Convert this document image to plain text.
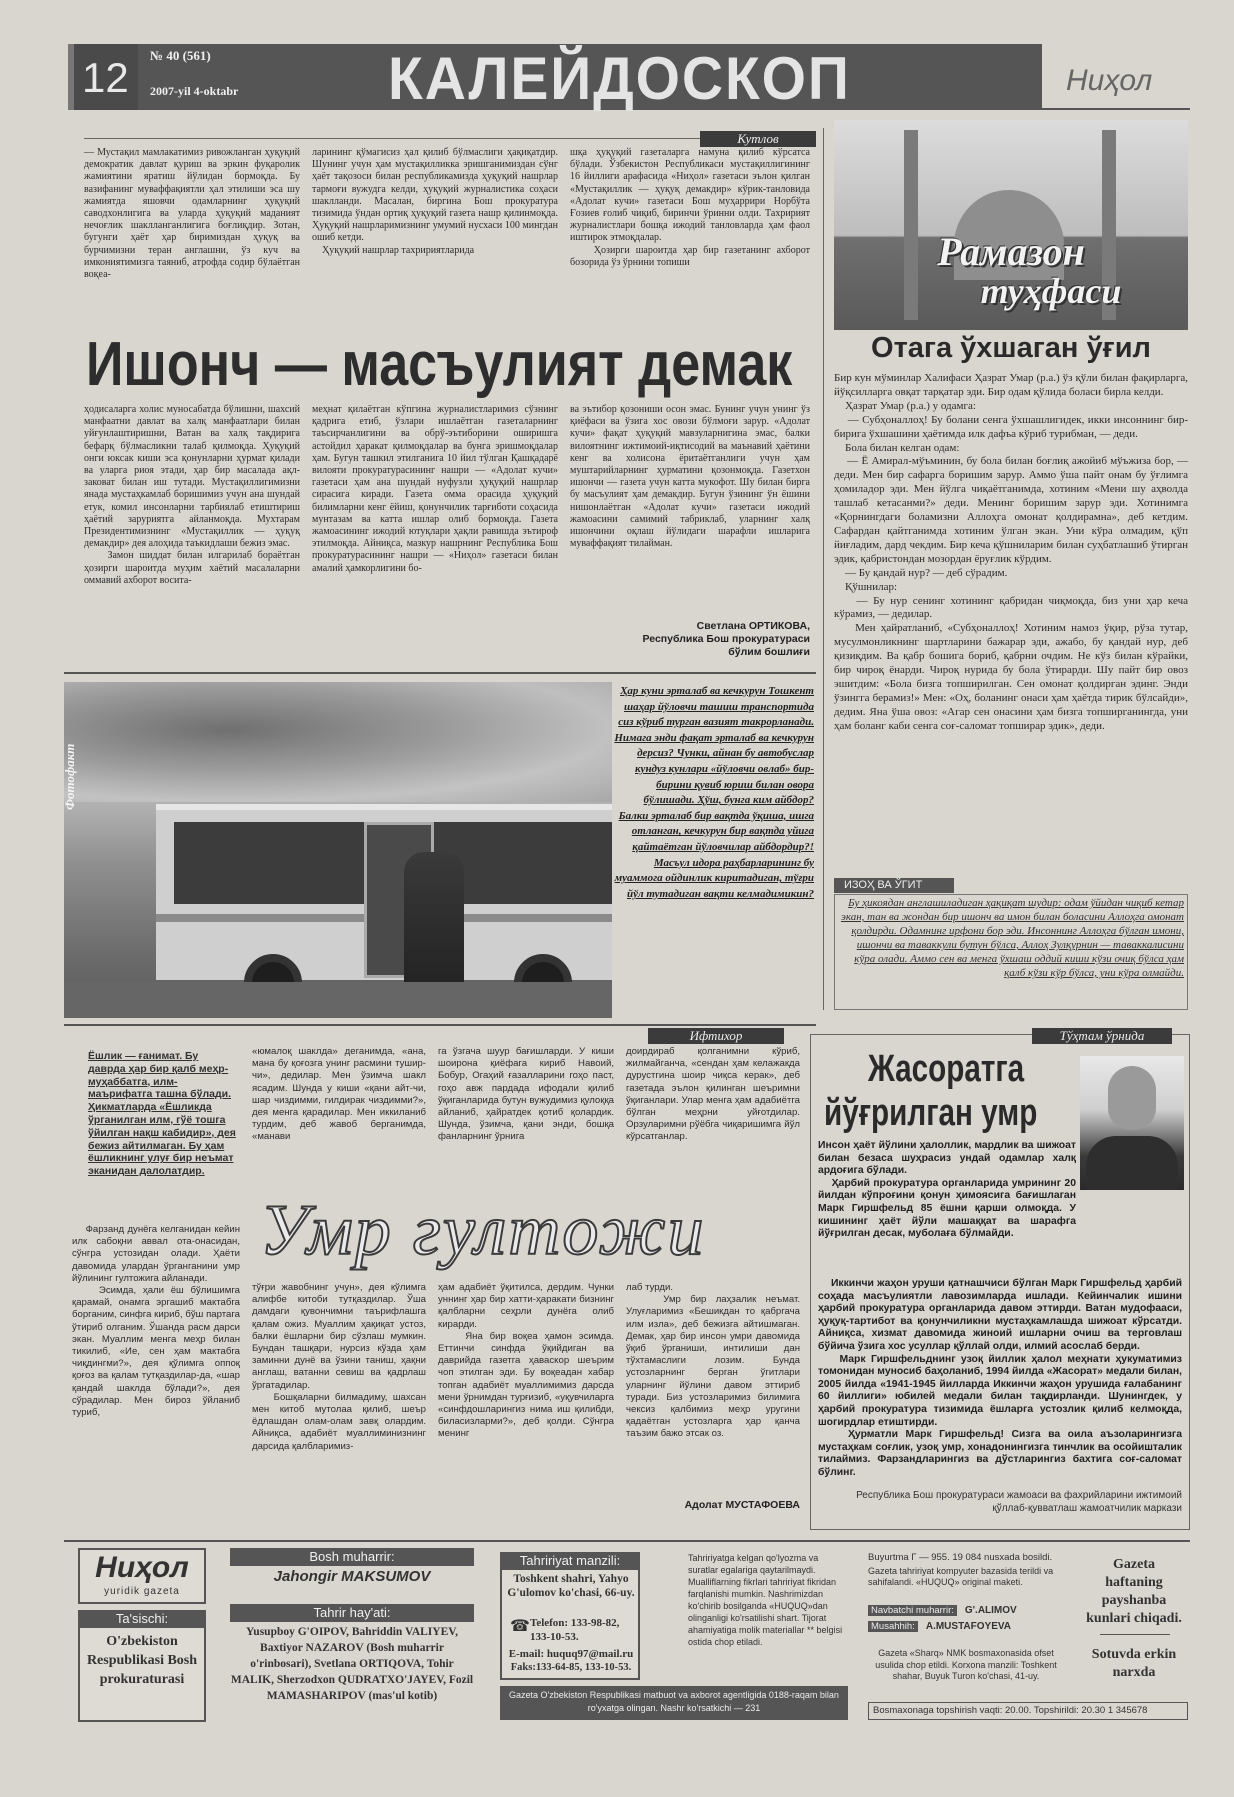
12 № 40 (561)
2007-yil 4-oktabr КАЛЕЙДОСКОП	Ниҳол
Кутлов
— Мустақил мамлакатимиз ривожланган ҳуқуқий демократик давлат қуриш ва эркин фуқаролик жамиятини яратиш йўлидан бормоқда. Бу вазифанинг муваффақиятли ҳал этилиши эса шу жамиятда яшовчи одамларнинг ҳуқуқий саводхонлигига ва уларда ҳуқуқий маданият нечоғлик шаклланганлигига боғлиқдир. Зотан, бугунги ҳаёт ҳар биримиздан ҳуқуқ ва бурчимизни теран англашни, ўз куч ва имкониятимизга таяниб, атрофда содир бўлаётган воқеа-
ларининг қўмагисиз ҳал қилиб бўлмаслиги ҳақиқатдир. Шунинг учун ҳам мустақилликка эришганимиздан сўнг ҳаёт тақозоси билан республикамизда ҳуқуқий нашрлар тармоғи вужудга келди, ҳуқуқий журналистика соҳаси шаклланди. Масалан, биргина Бош прокуратура тизимида ўндан ортиқ ҳуқуқий газета нашр қилинмоқда. Ҳуқуқий нашрларимизнинг умумий нусхаси 100 мингдан ошиб кетди.
Ҳуқуқий нашрлар тахририятларида
шқа ҳуқуқий газеталарга намуна қилиб кўрсатса бўлади. Ўзбекистон Республикаси мустақиллигининг 16 йиллиги арафасида «Ниҳол» газетаси эълон қилган «Мустақиллик — ҳуқуқ демакдир» кўрик-танловида «Адолат кучи» газетаси Бош муҳаррири Норбўта Ғозиев ғолиб чиқиб, биринчи ўринни олди. Тахририят журналистлари бошқа ижодий танловларда ҳам фаол иштирок этмоқдалар.
Ҳозирги шароитда ҳар бир газетанинг ахборот бозорида ўз ўрнини топиши
Ишонч — масъулият демак
ҳодисаларга холис муносабатда бўлишни, шахсий манфаатни давлат ва халқ манфаатлари билан уйғунлаштиришни, Ватан ва халқ тақдирига бефарқ бўлмасликни талаб қилмоқда. Ҳуқуқий онги юксак киши эса қонунларни ҳурмат қилади ва уларга риоя этади, ҳар бир масалада ақл-заковат билан иш тутади. Мустақиллигимизни янада мустаҳкамлаб боришимиз учун ана шундай етук, комил инсонларни тарбиялаб етиштириш ҳаётий заруриятга айланмоқда. Мухтарам Президентимизнинг «Мустақиллик — ҳуқуқ демакдир» дея алоҳида таъкидлаши бежиз эмас.
Замон шиддат билан илгарилаб бораётган ҳозирги шароитда муҳим хаётий масалаларни оммавий ахборот восита-
меҳнат қилаётган кўпгина журналистларимиз сўзнинг қадрига етиб, ўзлари ишлаётган газеталарнинг таъсирчанлигини ва обрў-эътиборини оширишга астойдил ҳаракат қилмоқдалар ва бунга эришмоқдалар ҳам. Бугун ташкил этилганига 10 йил тўлган Қашқадарё вилояти прокуратурасининг нашри — «Адолат кучи» газетаси ҳам ана шундай нуфузли ҳуқуқий нашрлар сирасига киради. Газета омма орасида ҳуқуқий билимларни кенг ёйиш, қонунчилик тарғиботи соҳасида мунтазам ва катта ишлар олиб бормоқда. Газета жамоасининг ижодий ютуқлари ҳақли равишда эътироф этилмоқда. Айниқса, мазкур нашрнинг Республика Бош прокуратурасининг нашри — «Ниҳол» газетаси билан амалий ҳамкорлигини бо-
ва эътибор қозониши осон эмас. Бунинг учун унинг ўз қиёфаси ва ўзига хос овози бўлмоғи зарур. «Адолат кучи» фақат ҳуқуқий мавзуларнигина эмас, балки вилоятнинг ижтимоий-иқтисодий ва маънавий ҳаётини кенг ва холисона ёритаётганлиги учун ҳам муштарийларнинг ҳурматини қозонмоқда. Газетхон ишончи — газета учун катта мукофот. Шу билан бирга бу масъулият ҳам демакдир. Бугун ўзининг ўн ёшини нишонлаётган «Адолат кучи» газетаси ижодий жамоасини самимий табриклаб, уларнинг халқ ишончини оқлаш йўлидаги шарафли ишларига муваффақият тилайман.
Светлана ОРТИКОВА,
Республика Бош прокуратураси
бўлим бошлиғи
Фотофакт
Ҳар куни эрталаб ва кечкурун Тошкент шаҳар йўловчи ташиш транспортида сиз кўриб турган вазият такрорланади. Нимага энди фақат эрталаб ва кечкурун дерсиз? Чунки, айнан бу автобуслар кундуз кунлари «йўловчи овлаб» бир-бирини қувиб юриш билан овора бўлишади. Ҳўш, бунга ким айбдор? Балки эрталаб бир вақтда ўқиша, ишга отланган, кечкурун бир вақтда уйига қайтаётган йўловчилар айбдордир?! Масъул идора раҳбарларининг бу муаммога ойдинлик киритадиган, тўғри йўл тутадиган вақти келмадимикин?
Рамазон
туҳфаси
Отага ўхшаган ўғил
Бир кун мўминлар Халифаси Ҳазрат Умар (р.а.) ўз қўли билан фақирларга, йўқсилларга овқат тарқатар эди. Бир одам қўлида боласи бирла келди.
Ҳазрат Умар (р.а.) у одамга:
— Субҳоналлоҳ! Бу болани сенга ўхшашлигидек, икки инсоннинг бир-бирига ўхшашини ҳаётимда илк дафъа кўриб турибман, — деди.
Бола билан келган одам:
— Ё Амирал-мўъминин, бу бола билан боғлиқ ажойиб мўъжиза бор, — деди. Мен бир сафарга боришим зарур. Аммо ўша пайт онам бу ўғлимга ҳомиладор эди. Мен йўлга чиқаётганимда, хотиним «Мени шу аҳволда ташлаб кетасанми?» деди. Менинг боришим зарур эди. Хотинимга «Қорнингдаги боламизни Аллоҳга омонат қолдирамна», деб кетдим. Сафардан қайтганимда хотиним ўлган экан. Уни кўра олмадим, қўп йиғладим, дард чекдим. Бир кеча қўшниларим билан суҳбатлашиб ўтирган эдик, қабристондан мозордан ёруғлик кўрдим.
— Бу қандай нур? — деб сўрадим.
Қўшнилар:
— Бу нур сенинг хотининг қабридан чиқмоқда, биз уни ҳар кеча кўрамиз, — дедилар.
Мен ҳайратланиб, «Субҳоналлоҳ! Хотиним намоз ўқир, рўза тутар, мусулмонликнинг шартларини бажарар эди, ажабо, бу қандай нур, деб қизиқдим. Ва қабр бошига бориб, қабрни очдим. Не кўз билан кўрайки, бир чироқ ёнарди. Чироқ нурида бу бола ўтирарди. Шу пайт бир овоз эшитдим: «Бола бизга топширилган. Сен омонат қолдирган эдинг. Энди ўзингга берамиз!» Мен: «Оҳ, боланинг онаси ҳам ҳаётда тирик бўлсайди», дедим. Яна ўша овоз: «Агар сен онасини ҳам бизга топширганингда, уни ҳам боланг каби сенга соғ-саломат топширар эдик», деди.
ИЗОҲ ВА ЎГИТ
Бу ҳикоядан англашиладиган ҳақиқат шудир: одам ўйидан чиқиб кетар экан, тан ва жондан бир ишонч ва имон билан боласини Аллоҳга омонат қолдирди. Одамнинг ирфони бор эди. Инсоннинг Аллоҳга бўлган имони, ишончи ва таваккули бутун бўлса, Аллоҳ Зулқурнин — таваккалисини кўра олади. Аммо сен ва менга ўхшаш оддий киши кўзи очиқ бўлса ҳам қалб кўзи кўр бўлса, уни кўра олмайди.
Ифтихор
Ёшлик — ғанимат. Бу даврда ҳар бир қалб меҳр-муҳаббатга, илм-маърифатга ташна бўлади. Ҳикматларда «Ёшликда ўрганилган илм, гўё тошга ўйилган нақш кабидир», дея бежиз айтилмаган. Бу ҳам ёшликнинг улуғ бир неъмат эканидан далолатдир.
«юмалоқ шаклда» деганимда, «ана, мана бу қоғозга унинг расмини тушир-чи», дедилар. Мен ўзимча шакл ясадим. Шунда у киши «қани айт-чи, шар чиздимми, гилдирак чиздимми?», дея менга қарадилар. Мен иккиланиб турдим, деб жавоб берганимда, «манави
га ўзгача шуур бағишларди. У киши шоирона қиёфага кириб Навоий, Бобур, Огаҳий ғазалларини гоҳо паст, гоҳо авж пардада ифодали қилиб ўқиганларида бутун вужудимиз қулоққа айланиб, ҳайратдек қотиб қолардик. Шунда, ўзимча, қани энди, бошқа фанларнинг ўрнига
доирдираб қолганимни кўриб, жилмайганча, «сендан ҳам келажакда дурустгина шоир чиқса керак», деб газетада эълон қилинган шеъримни ўқиганлари. Улар менга ҳам адабиётга бўлган меҳрни уйғотдилар. Орзуларимни рўёбга чиқаришимга йўл кўрсатганлар.
Умр гултожи
Фарзанд дунёга келганидан кейин илк сабоқни аввал ота-онасидан, сўнгра устозидан олади. Ҳаёти давомида улардан ўрганганини умр йўлининг гултожига айланади.
Эсимда, ҳали ёш бўлишимга қарамай, онамга эргашиб мактабга борганим, синфга кириб, бўш партага ўтириб олганим. Ўшанда расм дарси экан. Муаллим менга меҳр билан тикилиб, «Ие, сен ҳам мактабга чиқдингми?», дея қўлимга оппоқ қоғоз ва қалам тутқаздилар-да, «шар қандай шаклда бўлади?», дея сўрадилар. Мен бироз ўйланиб туриб,
тўғри жавобнинг учун», дея кўлимга алифбе китоби тутқаздилар. Ўша дамдаги қувончимни таърифлашга қалам ожиз. Муаллим ҳақиқат устоз, балки ёшларни бир сўзлаш мумкин. Бундан ташқари, нурсиз кўзда ҳам заминни дунё ва ўзини таниш, ҳақни англаш, ватанни севиш ва қадрлаш ўргатадилар.
Бошқаларни билмадиму, шахсан мен китоб мутолаа қилиб, шеър ёдлашдан олам-олам завқ олардим. Айниқса, адабиёт муаллиминизнинг дарсида қалбларимиз-
ҳам адабиёт ўқитилса, дердим. Чунки уннинг ҳар бир хатти-ҳаракати бизнинг қалбларни сеҳрли дунёга олиб кирарди.
Яна бир воқеа ҳамон эсимда. Еттинчи синфда ўқийдиган ва даврийда газетга ҳаваскор шеърим чоп этилган эди. Бу воқеадан хабар топган адабиёт муаллимимиз дарсда мени ўрнимдан турғизиб, «уқувчиларга «синфдошларингиз нима иш қилибди, биласизларми?», деб қолди. Сўнгра менинг
лаб турди.
Умр бир лаҳзалик неъмат. Улуғларимиз «Бешикдан то қабргача илм изла», деб бежизга айтишмаган. Демак, ҳар бир инсон умри давомида ўқиб ўрганиши, интилиши дан тўхтамаслиги лозим. Бунда устозларнинг берган ўгитлари уларнинг йўлини давом эттириб туради. Биз устозларимиз билимига чексиз қалбимиз меҳр уругини қадаётган устозларга ҳар қанча таъзим бажо этсак оз.
Адолат МУСТАФОЕВА
Тўҳтам ўрнида
Жасоратга
йўғрилган умр
Инсон ҳаёт йўлини ҳалоллик, мардлик ва шижоат билан безаса шуҳрасиз ундай одамлар халқ ардоғига бўлади.
Ҳарбий прокуратура органларида умрининг 20 йилдан кўпроғини қонун ҳимоясига бағишлаган Марк Гиршфельд 85 ёшни қарши олмоқда. У кишининг ҳаёт йўли машаққат ва шарафга йўғрилган десак, муболаға бўлмайди.
Иккинчи жаҳон уруши қатнашчиси бўлган Марк Гиршфельд ҳарбий соҳада масъулиятли лавозимларда ишлади. Кейинчалик ишини ҳарбий прокуратура органларида давом эттирди. Ватан мудофааси, ҳуқуқ-тартибот ва қонунчиликни мустаҳкамлашда шижоат кўрсатди. Айниқса, хизмат давомида жиноий ишларни очиш ва терговлаш бўйича ўзига хос усуллар қўллай олди, илмий асослаб берди.
Марк Гиршфельднинг узоқ йиллик ҳалол меҳнати ҳукуматимиз томонидан муносиб баҳоланиб, 1994 йилда «Жасорат» медали билан, 2005 йилда «1941-1945 йилларда Иккинчи жаҳон урушида ғалабанинг 60 йиллиги» юбилей медали билан тақдирланди. Шунингдек, у ҳарбий прокуратура тизимида ёшларга устозлик қилиб келмоқда, шогирдлар етиштирди.
Ҳурматли Марк Гиршфельд! Сизга ва оила аъзоларингизга мустаҳкам соғлик, узоқ умр, хонадонингизга тинчлик ва осойишталик тилаймиз. Фарзандларингиз ва дўстларингиз бахтига соғ-саломат бўлинг.
Республика Бош прокуратураси жамоаси ва фахрийларини ижтимоий қўллаб-қувватлаш жамоатчилик маркази
Ниҳол
yuridik gazeta
Ta'sischi:
O'zbekiston Respublikasi Bosh prokuraturasi
Bosh muharrir:
Jahongir MAKSUMOV
Tahrir hay'ati:
Yusupboy G'OIPOV, Bahriddin VALIYEV, Baxtiyor NAZAROV (Bosh muharrir o'rinbosari), Svetlana ORTIQOVA, Tohir MALIK, Sherzodxon QUDRATXO'JAYEV, Fozil MAMASHARIPOV (mas'ul kotib)
Tahririyat manzili:
Toshkent shahri, Yahyo G'ulomov ko'chasi, 66-uy.
☎ Telefon: 133-98-82, 133-10-53.
E-mail: huquq97@mail.ru
Faks:133-64-85, 133-10-53.
Tahririyatga kelgan qo'lyozma va suratlar egalariga qaytarilmaydi. Mualliflarning fikrlari tahririyat fikridan farqlanishi mumkin. Nashrimizdan ko'chirib bosilganda «HUQUQ»dan olinganligi ko'rsatilishi shart. Tijorat ahamiyatiga molik materiallar ** belgisi ostida chop etiladi.
Buyurtma Г — 955. 19 084 nusxada bosildi.
Gazeta tahririyat kompyuter bazasida terildi va sahifalandi. «HUQUQ» original maketi.
Navbatchi muharrir: G'.ALIMOV
Musahhih: A.MUSTAFOYEVA
Gazeta «Sharq» NMK bosmaxonasida ofset usulida chop etildi. Korxona manzili: Toshkent shahar, Buyuk Turon ko'chasi, 41-uy.
Gazeta haftaning payshanba kunlari chiqadi.
Sotuvda erkin narxda
Gazeta O'zbekiston Respublikasi matbuot va axborot agentligida 0188-raqam bilan ro'yxatga olingan. Nashr ko'rsatkichi — 231	Bosmaxonaga topshirish vaqti: 20.00. Topshirildi: 20.30 1 345678
